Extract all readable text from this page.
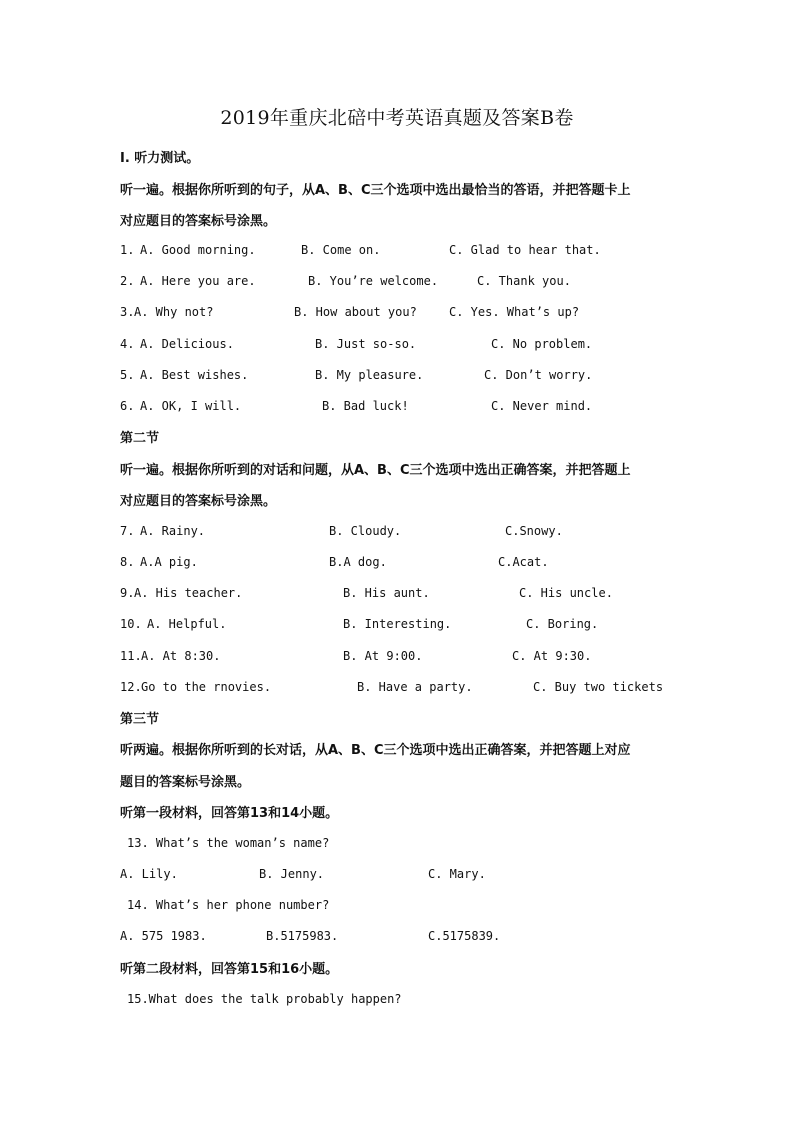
2019年重庆北碚中考英语真题及答案B卷
I. 听力测试。
听一遍。根据你所听到的句子，从A、B、C三个选项中选出最恰当的答语，并把答题卡上
对应题目的答案标号涂黑。
1. A. Good morning.	B. Come on.	C. Glad to hear that.
2. A. Here you are.	B. You’re welcome.	C. Thank you.
3. A. Why not?	B. How about you?	C. Yes. What’s up?
4. A. Delicious.	B. Just so-so.	C. No problem.
5. A. Best wishes.	B. My pleasure.	C. Don’t worry.
6. A. OK, I will.	B. Bad luck!	C. Never mind.
第二节
听一遍。根据你所听到的对话和问题，从A、B、C三个选项中选出正确答案，并把答题上
对应题目的答案标号涂黑。
7. A. Rainy.	B. Cloudy.	C.Snowy.
8. A.A pig.	B.A dog.	C.Acat.
9. A. His teacher.	B. His aunt.	C. His uncle.
10. A. Helpful.	B. Interesting.	C. Boring.
11. A. At 8:30.	B. At 9:00.	C. At 9:30.
12. Go to the rnovies.	B. Have a party.	C. Buy two tickets
第三节
听两遍。根据你所听到的长对话，从A、B、C三个选项中选出正确答案，并把答题上对应
题目的答案标号涂黑。
听第一段材料，回答第13和14小题。
13. What’s the woman’s name?
A. Lily.	B. Jenny.	C. Mary.
14. What’s her phone number?
A. 575 1983.	B.5175983.	C.5175839.
听第二段材料，回答第15和16小题。
15.What does the talk probably happen?
